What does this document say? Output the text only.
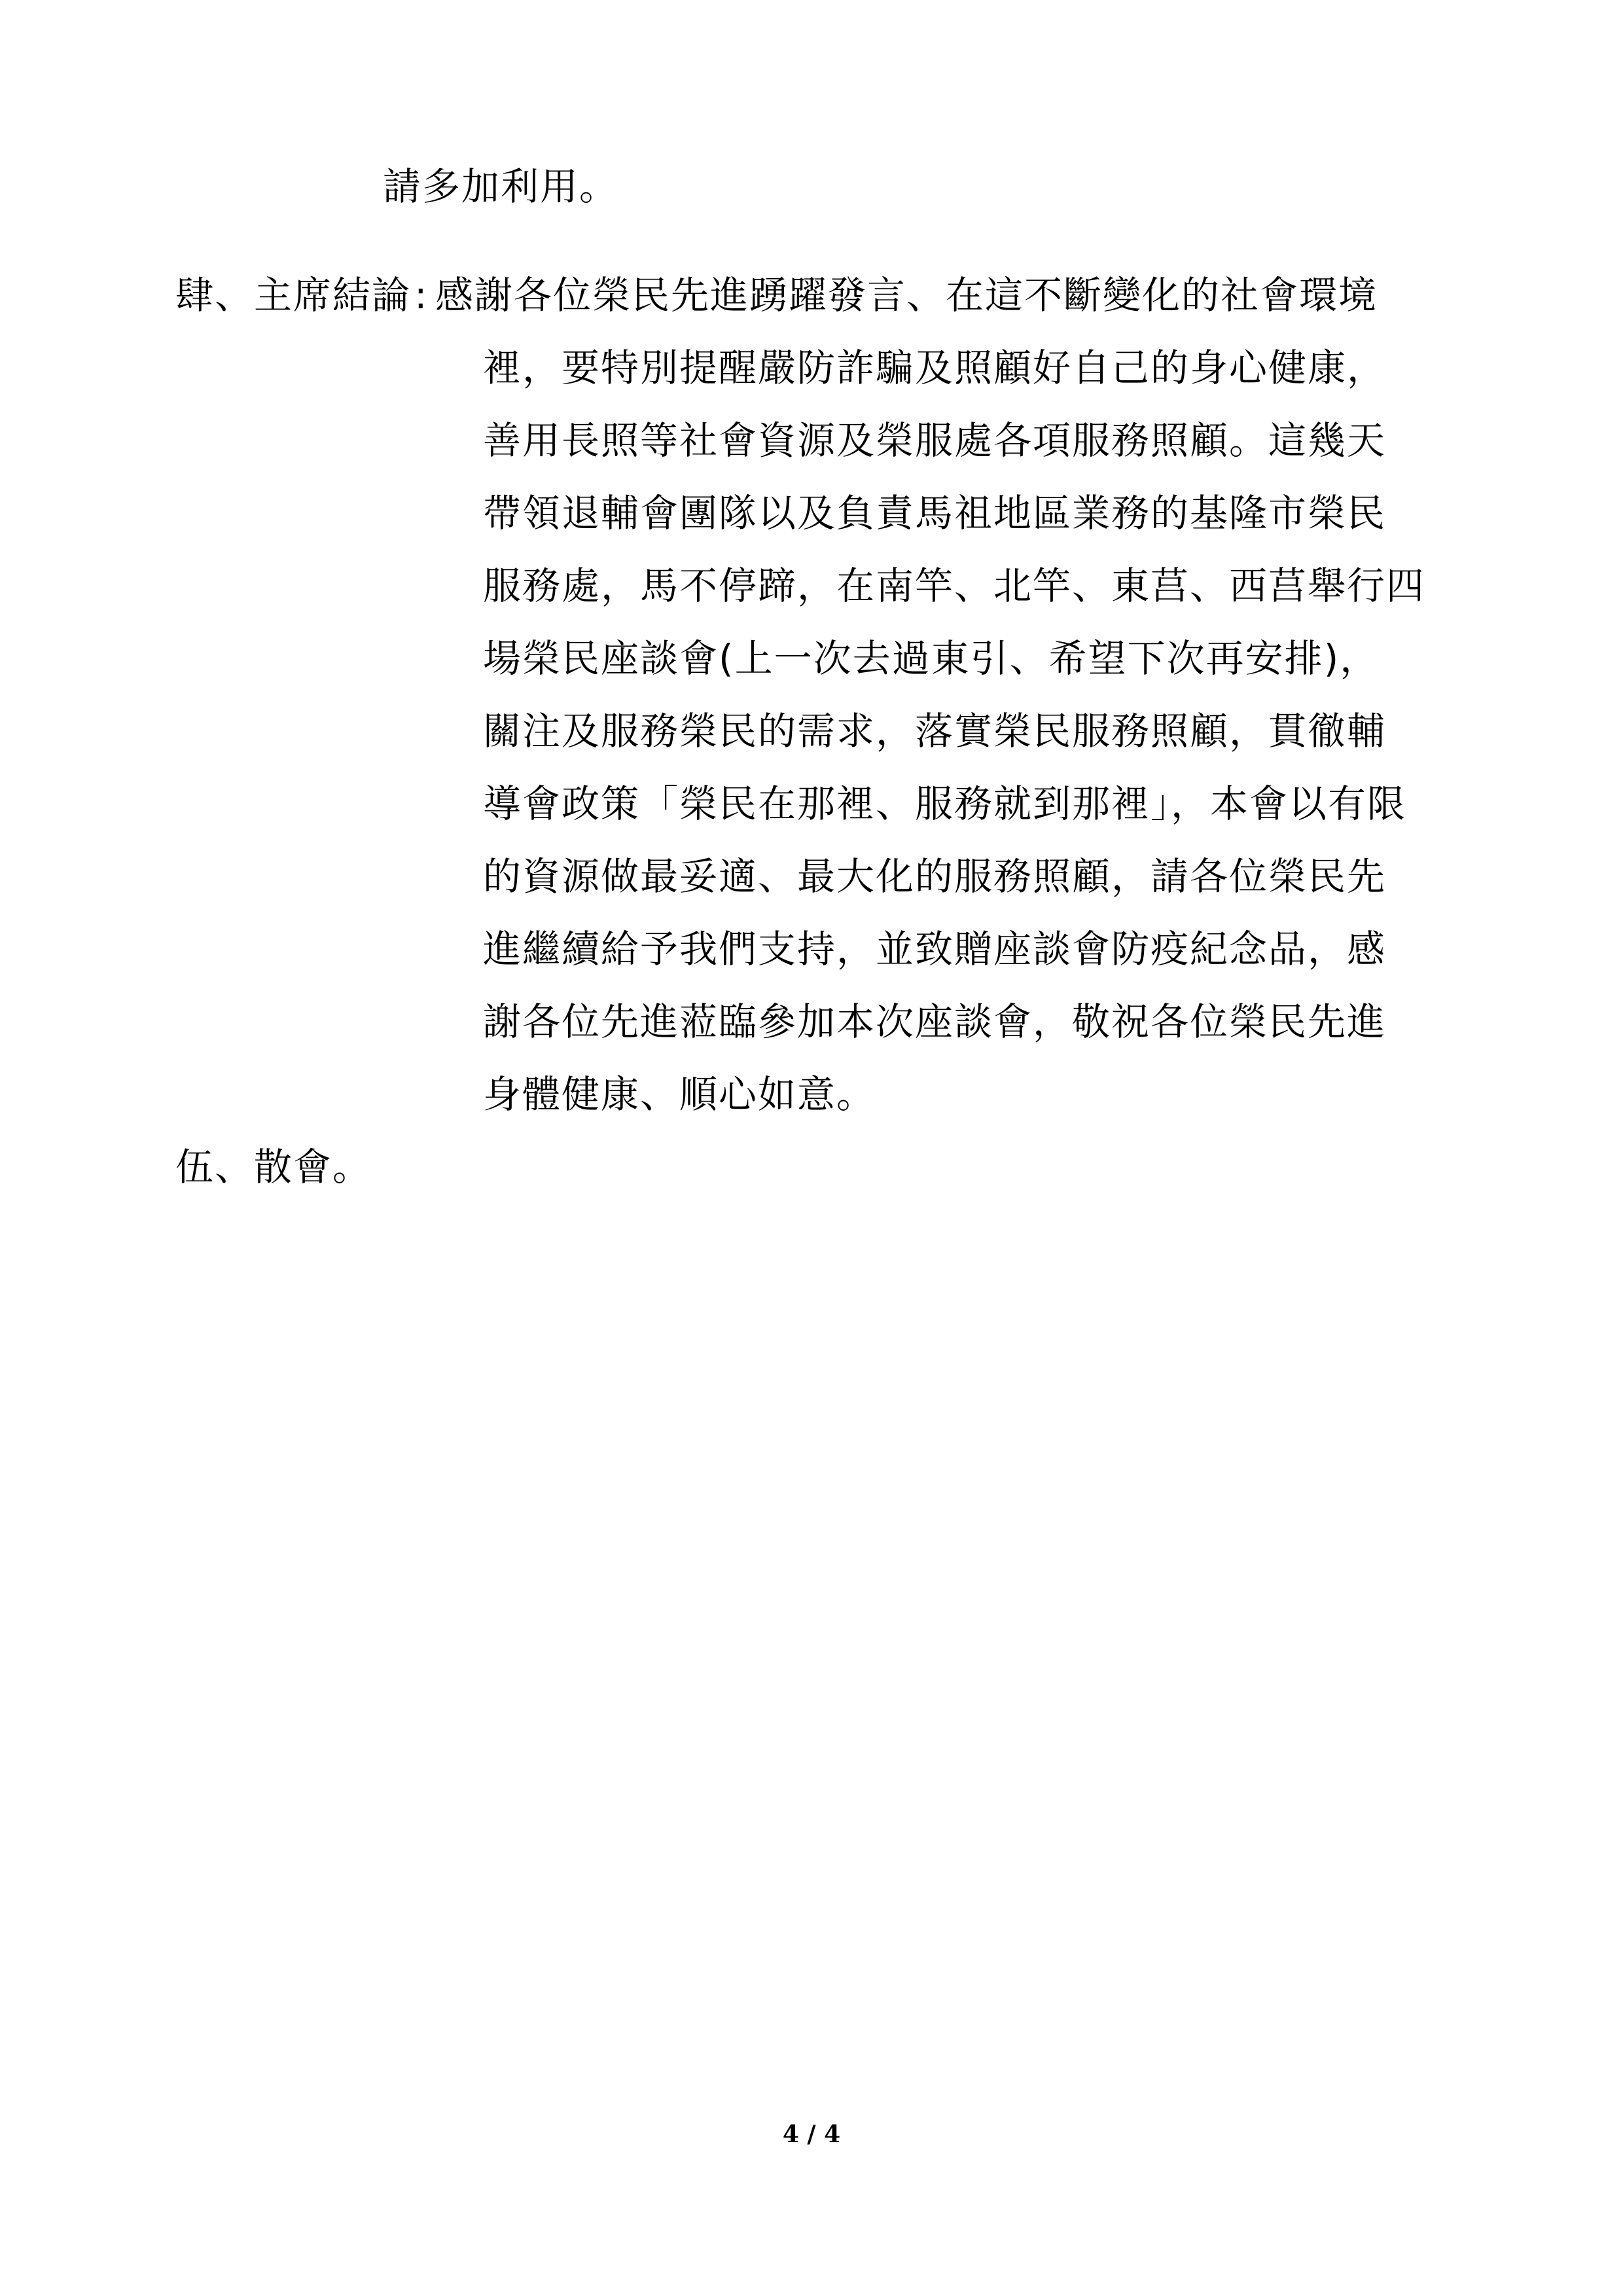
請多加利用。
肆、主席結論 : 感謝各位榮民先進踴躍發言、在這不斷變化的社會環境
裡，要特別提醒嚴防詐騙及照顧好自己的身心健康，
善用長照等社會資源及榮服處各項服務照顧。這幾天
帶領退輔會團隊以及負責馬祖地區業務的基隆市榮民
服務處，馬不停蹄，在南竿、北竿、東莒、西莒舉行四
場榮民座談會(上一次去過東引、希望下次再安排)，
關注及服務榮民的需求，落實榮民服務照顧，貫徹輔
導會政策「榮民在那裡、服務就到那裡」，本會以有限
的資源做最妥適、最大化的服務照顧，請各位榮民先
進繼續給予我們支持，並致贈座談會防疫紀念品，感
謝各位先進蒞臨參加本次座談會，敬祝各位榮民先進
身體健康、順心如意。
伍、散會。
4 / 4
